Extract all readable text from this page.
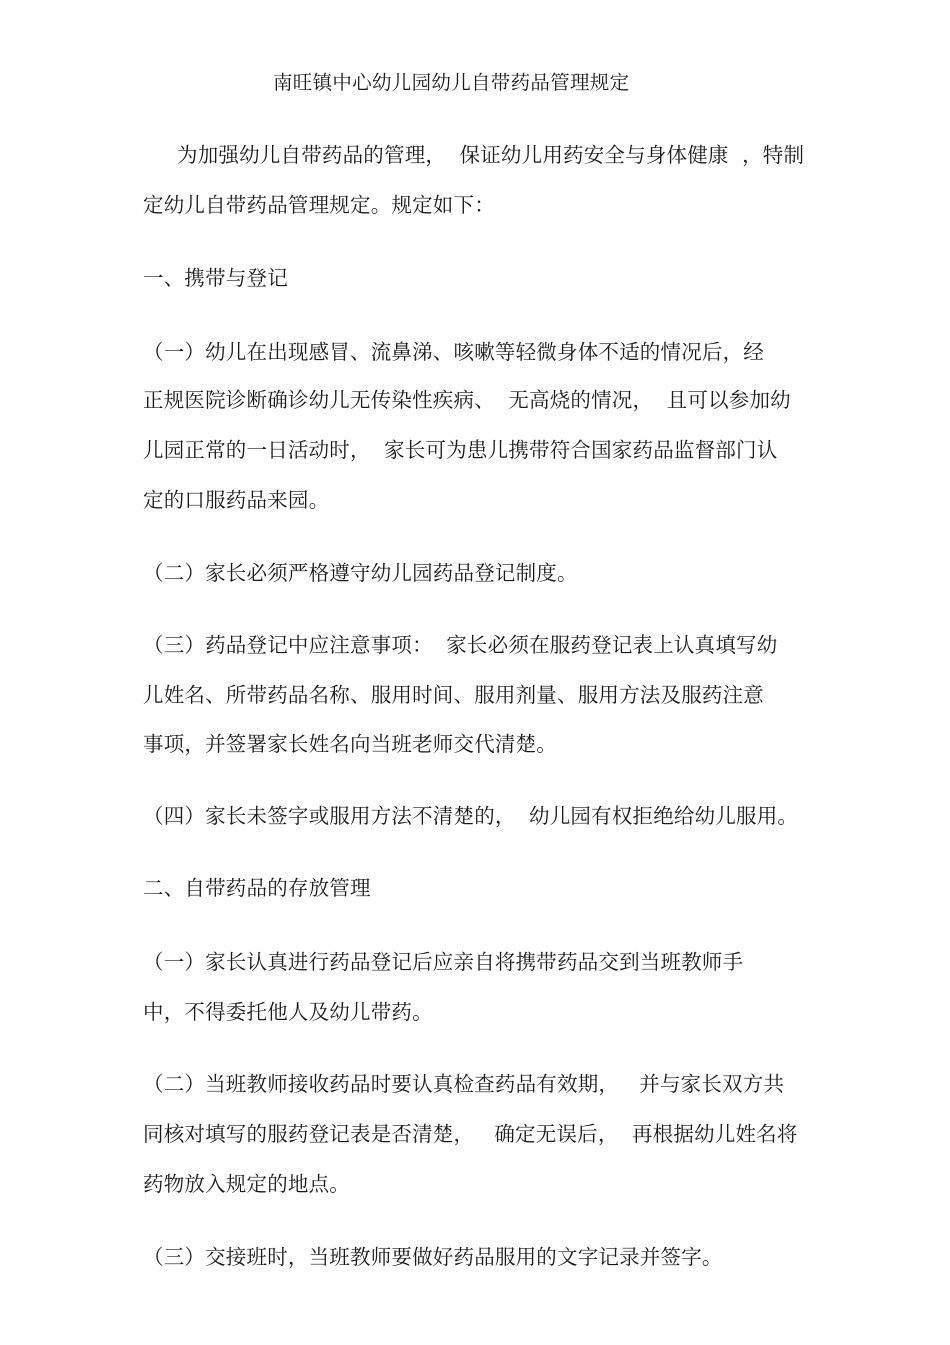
南旺镇中心幼儿园幼儿自带药品管理规定

为加强幼儿自带药品的管理，  保证幼儿用药安全与身体健康  ，特制

定幼儿自带药品管理规定。规定如下：

一、携带与登记

（一）幼儿在出现感冒、流鼻涕、咳嗽等轻微身体不适的情况后，经

正规医院诊断确诊幼儿无传染性疾病、  无高烧的情况，  且可以参加幼

儿园正常的一日活动时，  家长可为患儿携带符合国家药品监督部门认

定的口服药品来园。

（二）家长必须严格遵守幼儿园药品登记制度。

（三）药品登记中应注意事项：  家长必须在服药登记表上认真填写幼

儿姓名、所带药品名称、服用时间、服用剂量、服用方法及服药注意

事项，并签署家长姓名向当班老师交代清楚。

（四）家长未签字或服用方法不清楚的，  幼儿园有权拒绝给幼儿服用。

二、自带药品的存放管理

（一）家长认真进行药品登记后应亲自将携带药品交到当班教师手

中，不得委托他人及幼儿带药。

（二）当班教师接收药品时要认真检查药品有效期，   并与家长双方共

同核对填写的服药登记表是否清楚，   确定无误后，  再根据幼儿姓名将

药物放入规定的地点。

（三）交接班时，当班教师要做好药品服用的文字记录并签字。
